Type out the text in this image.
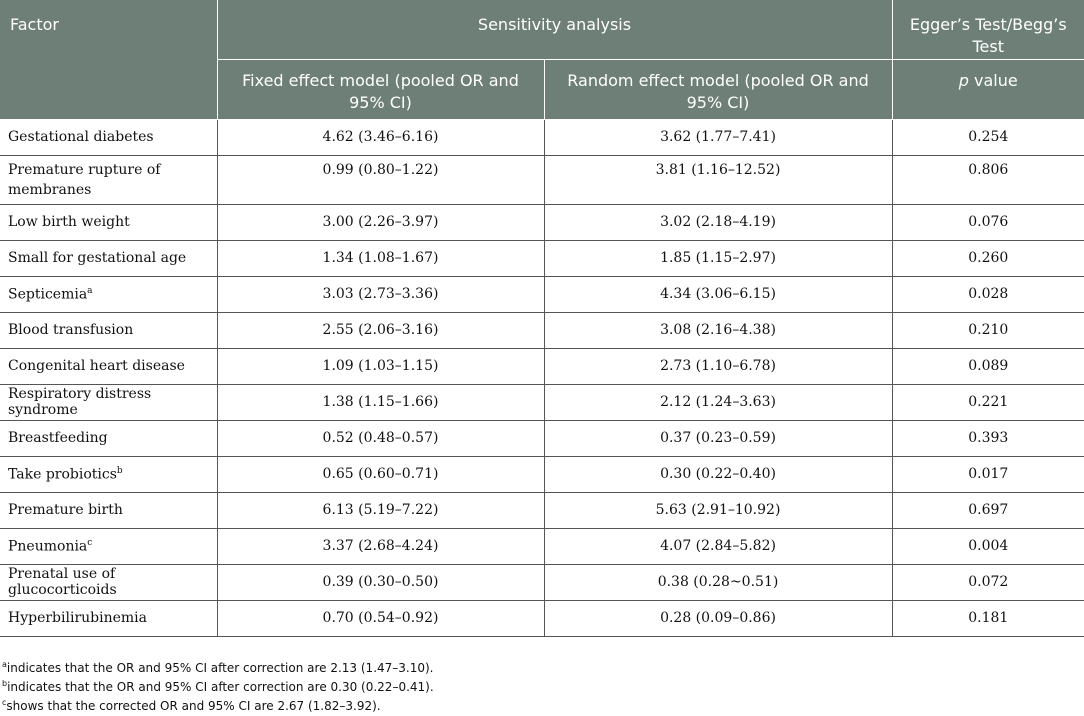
Factor	Sensitivity analysis		Egger’s Test/Begg’s Test
	Fixed effect model (pooled OR and 95% CI)	Random effect model (pooled OR and 95% CI)	p value
Gestational diabetes	4.62 (3.46–6.16)	3.62 (1.77–7.41)	0.254
Premature rupture of membranes	0.99 (0.80–1.22)	3.81 (1.16–12.52)	0.806
Low birth weight	3.00 (2.26–3.97)	3.02 (2.18–4.19)	0.076
Small for gestational age	1.34 (1.08–1.67)	1.85 (1.15–2.97)	0.260
Septicemia$^a$	3.03 (2.73–3.36)	4.34 (3.06–6.15)	0.028
Blood transfusion	2.55 (2.06–3.16)	3.08 (2.16–4.38)	0.210
Congenital heart disease	1.09 (1.03–1.15)	2.73 (1.10–6.78)	0.089
Respiratory distress syndrome	1.38 (1.15–1.66)	2.12 (1.24–3.63)	0.221
Breastfeeding	0.52 (0.48–0.57)	0.37 (0.23–0.59)	0.393
Take probiotics$^b$	0.65 (0.60–0.71)	0.30 (0.22–0.40)	0.017
Premature birth	6.13 (5.19–7.22)	5.63 (2.91–10.92)	0.697
Pneumonia$^c$	3.37 (2.68–4.24)	4.07 (2.84–5.82)	0.004
Prenatal use of glucocorticoids	0.39 (0.30–0.50)	0.38 (0.28~0.51)	0.072
Hyperbilirubinemia	0.70 (0.54–0.92)	0.28 (0.09–0.86)	0.181
$^a$indicates that the OR and 95% CI after correction are 2.13 (1.47–3.10).
$^b$indicates that the OR and 95% CI after correction are 0.30 (0.22–0.41).
$^c$shows that the corrected OR and 95% CI are 2.67 (1.82–3.92).
